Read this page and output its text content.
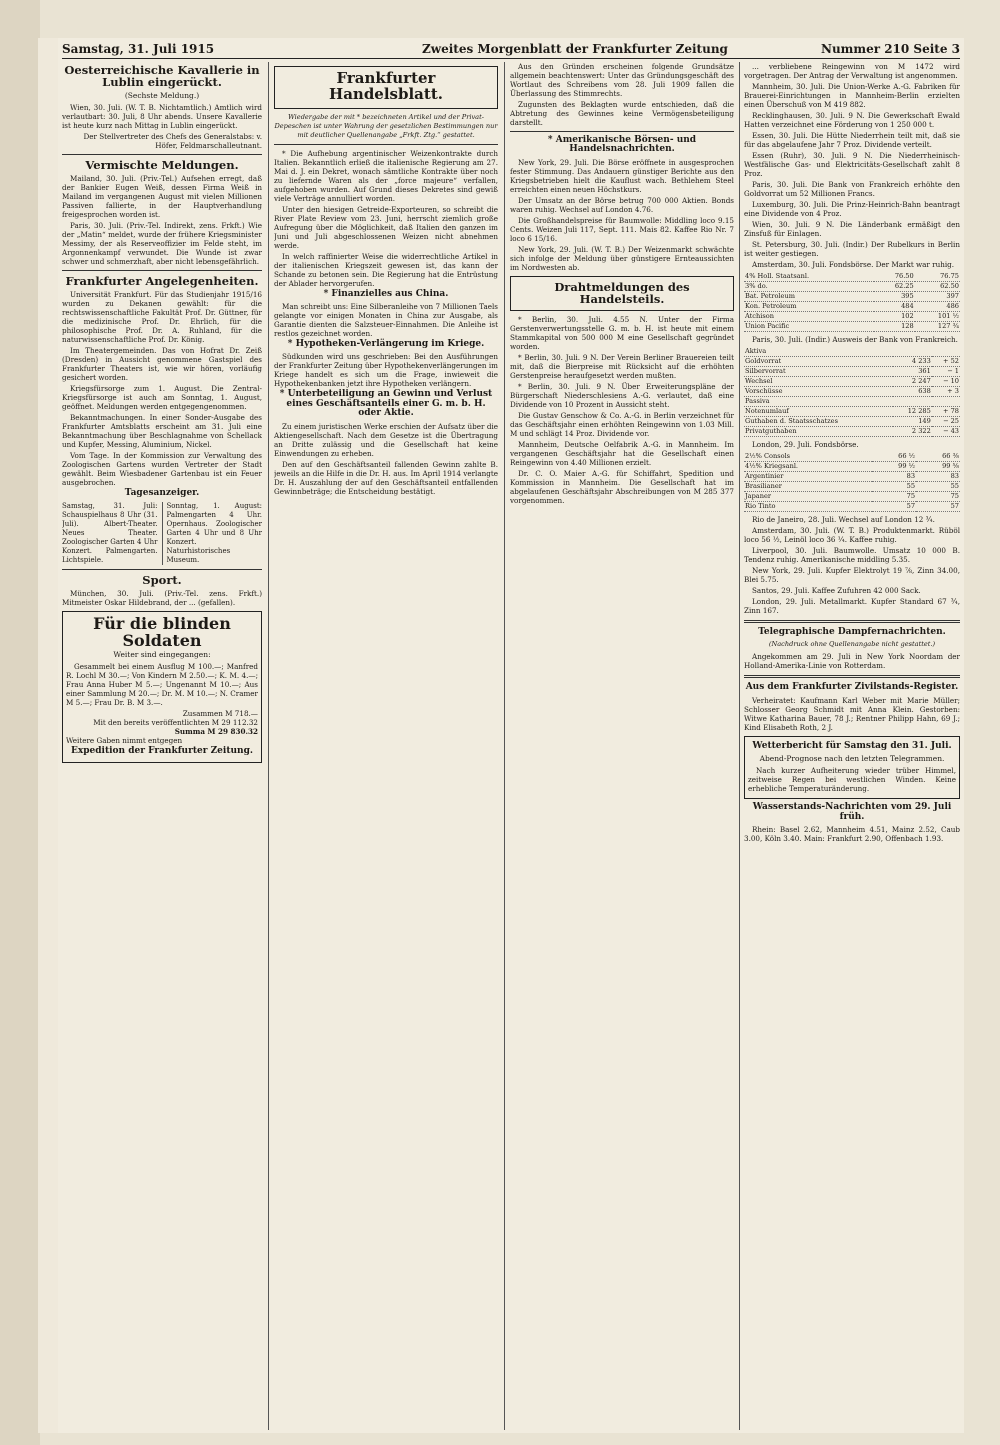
Samstag, 31. Juli 1915	Zweites Morgenblatt der Frankfurter Zeitung	Nummer 210 Seite 3
Oesterreichische Kavallerie in Lublin eingerückt.
(Sechste Meldung.)

Wien, 30. Juli. (W. T. B. Nichtamtlich.) Amtlich wird verlautbart: 30. Juli, 8 Uhr abends. Unsere Kavallerie ist heute kurz nach Mittag in Lublin eingerückt.

Der Stellvertreter des Chefs des Generalstabs: v. Höfer, Feldmarschalleutnant.

Vermischte Meldungen.

Mailand, 30. Juli. (Priv.-Tel.) Aufsehen erregt, daß der Bankier Eugen Weiß, dessen Firma Weiß in Mailand im vergangenen August mit vielen Millionen Passiven fallierte, in der Hauptverhandlung freigesprochen worden ist.

Paris, 30. Juli. (Priv.-Tel. Indirekt, zens. Frkft.) Wie der „Matin“ meldet, wurde der frühere Kriegsminister Messimy, der als Reserveoffizier im Felde steht, im Argonnenkampf verwundet. Die Wunde ist zwar schwer und schmerzhaft, aber nicht lebensgefährlich.

Frankfurter Angelegenheiten.

Universität Frankfurt. Für das Studienjahr 1915/16 wurden zu Dekanen gewählt: für die rechtswissenschaftliche Fakultät Prof. Dr. Güttner, für die medizinische Prof. Dr. Ehrlich, für die philosophische Prof. Dr. A. Ruhland, für die naturwissenschaftliche Prof. Dr. König.

Im Theatergemeinden. Das von Hofrat Dr. Zeiß (Dresden) in Aussicht genommene Gastspiel des Frankfurter Theaters ist, wie wir hören, vorläufig gesichert worden.

Kriegsfürsorge zum 1. August. Die Zentral-Kriegsfürsorge ist auch am Sonntag, 1. August, geöffnet. Meldungen werden entgegengenommen.

Bekanntmachungen. In einer Sonder-Ausgabe des Frankfurter Amtsblatts erscheint am 31. Juli eine Bekanntmachung über Beschlagnahme von Schellack und Kupfer, Messing, Aluminium, Nickel.

Vom Tage. In der Kommission zur Verwaltung des Zoologischen Gartens wurden Vertreter der Stadt gewählt. Beim Wiesbadener Gartenbau ist ein Feuer ausgebrochen.

Tagesanzeiger.
Samstag, 31. Juli: Schauspielhaus 8 Uhr (31. Juli). Albert-Theater. Neues Theater. Zoologischer Garten 4 Uhr Konzert. Palmengarten. Lichtspiele.
Sonntag, 1. August: Palmengarten 4 Uhr. Opernhaus. Zoologischer Garten 4 Uhr und 8 Uhr Konzert. Naturhistorisches Museum.
Sport.

München, 30. Juli. (Priv.-Tel. zens. Frkft.) Mitmeister Oskar Hildebrand, der ... (gefallen).

Für die blinden Soldaten
Weiter sind eingegangen:

Gesammelt bei einem Ausflug M 100.—; Manfred R. Lochl M 30.—; Von Kindern M 2.50.—; K. M. 4.—; Frau Anna Huber M 5.—; Ungenannt M 10.—; Aus einer Sammlung M 20.—; Dr. M. M 10.—; N. Cramer M 5.—; Frau Dr. B. M 3.—.

Zusammen M 718.—
Mit den bereits veröffentlichten M 29 112.32
Summa M 29 830.32
Weitere Gaben nimmt entgegen
Expedition der Frankfurter Zeitung.
Frankfurter Handelsblatt.
Wiedergabe der mit * bezeichneten Artikel und der Privat-Depeschen ist unter Wahrung der gesetzlichen Bestimmungen nur mit deutlicher Quellenangabe „Frkft. Ztg.“ gestattet.

* Die Aufhebung argentinischer Weizenkontrakte durch Italien. Bekanntlich erließ die italienische Regierung am 27. Mai d. J. ein Dekret, wonach sämtliche Kontrakte über noch zu liefernde Waren als der „force majeure“ verfallen, aufgehoben wurden. Auf Grund dieses Dekretes sind gewiß viele Verträge annulliert worden.

Unter den hiesigen Getreide-Exporteuren, so schreibt die River Plate Review vom 23. Juni, herrscht ziemlich große Aufregung über die Möglichkeit, daß Italien den ganzen im Juni und Juli abgeschlossenen Weizen nicht abnehmen werde.

In welch raffinierter Weise die widerrechtliche Artikel in der italienischen Kriegszeit gewesen ist, das kann der Schande zu betonen sein. Die Regierung hat die Entrüstung der Ablader hervorgerufen.

* Finanzielles aus China.

Man schreibt uns: Eine Silberanleihe von 7 Millionen Taels gelangte vor einigen Monaten in China zur Ausgabe, als Garantie dienten die Salzsteuer-Einnahmen. Die Anleihe ist restlos gezeichnet worden.

* Hypotheken-Verlängerung im Kriege.

Südkunden wird uns geschrieben: Bei den Ausführungen der Frankfurter Zeitung über Hypothekenverlängerungen im Kriege handelt es sich um die Frage, inwieweit die Hypothekenbanken jetzt ihre Hypotheken verlängern.

* Unterbeteiligung an Gewinn und Verlust eines Geschäftsanteils einer G. m. b. H. oder Aktie.

Zu einem juristischen Werke erschien der Aufsatz über die Aktiengesellschaft. Nach dem Gesetze ist die Übertragung an Dritte zulässig und die Gesellschaft hat keine Einwendungen zu erheben.

Den auf den Geschäftsanteil fallenden Gewinn zahlte B. jeweils an die Hilfe in die Dr. H. aus. Im April 1914 verlangte Dr. H. Auszahlung der auf den Geschäftsanteil entfallenden Gewinnbeträge; die Entscheidung bestätigt.

Aus den Gründen erscheinen folgende Grundsätze allgemein beachtenswert: Unter das Gründungsgeschäft des Wortlaut des Schreibens vom 28. Juli 1909 fallen die Überlassung des Stimmrechts.

Zugunsten des Beklagten wurde entschieden, daß die Abtretung des Gewinnes keine Vermögensbeteiligung darstellt.

* Amerikanische Börsen- und Handelsnachrichten.

New York, 29. Juli. Die Börse eröffnete in ausgesprochen fester Stimmung. Das Andauern günstiger Berichte aus den Kriegsbetrieben hielt die Kauflust wach. Bethlehem Steel erreichten einen neuen Höchstkurs.

Der Umsatz an der Börse betrug 700 000 Aktien. Bonds waren ruhig. Wechsel auf London 4.76.

Die Großhandelspreise für Baumwolle: Middling loco 9.15 Cents. Weizen Juli 117, Sept. 111. Mais 82. Kaffee Rio Nr. 7 loco 6 15/16.

New York, 29. Juli. (W. T. B.) Der Weizenmarkt schwächte sich infolge der Meldung über günstigere Ernteaussichten im Nordwesten ab.

Drahtmeldungen des Handelsteils.

* Berlin, 30. Juli. 4.55 N. Unter der Firma Gerstenverwertungsstelle G. m. b. H. ist heute mit einem Stammkapital von 500 000 M eine Gesellschaft gegründet worden.

* Berlin, 30. Juli. 9 N. Der Verein Berliner Brauereien teilt mit, daß die Bierpreise mit Rücksicht auf die erhöhten Gerstenpreise heraufgesetzt werden mußten.

* Berlin, 30. Juli. 9 N. Über Erweiterungspläne der Bürgerschaft Niederschlesiens A.-G. verlautet, daß eine Dividende von 10 Prozent in Aussicht steht.

Die Gustav Genschow & Co. A.-G. in Berlin verzeichnet für das Geschäftsjahr einen erhöhten Reingewinn von 1.03 Mill. M und schlägt 14 Proz. Dividende vor.

Mannheim, Deutsche Oelfabrik A.-G. in Mannheim. Im vergangenen Geschäftsjahr hat die Gesellschaft einen Reingewinn von 4.40 Millionen erzielt.

Dr. C. O. Maier A.-G. für Schiffahrt, Spedition und Kommission in Mannheim. Die Gesellschaft hat im abgelaufenen Geschäftsjahr Abschreibungen von M 285 377 vorgenommen.

... verbliebene Reingewinn von M 1472 wird vorgetragen. Der Antrag der Verwaltung ist angenommen.

Mannheim, 30. Juli. Die Union-Werke A.-G. Fabriken für Brauerei-Einrichtungen in Mannheim-Berlin erzielten einen Überschuß von M 419 882.

Recklinghausen, 30. Juli. 9 N. Die Gewerkschaft Ewald Hatten verzeichnet eine Förderung von 1 250 000 t.

Essen, 30. Juli. Die Hütte Niederrhein teilt mit, daß sie für das abgelaufene Jahr 7 Proz. Dividende verteilt.

Essen (Ruhr), 30. Juli. 9 N. Die Niederrheinisch-Westfälische Gas- und Elektricitäts-Gesellschaft zahlt 8 Proz.

Paris, 30. Juli. Die Bank von Frankreich erhöhte den Goldvorrat um 52 Millionen Francs.

Luxemburg, 30. Juli. Die Prinz-Heinrich-Bahn beantragt eine Dividende von 4 Proz.

Wien, 30. Juli. 9 N. Die Länderbank ermäßigt den Zinsfuß für Einlagen.

St. Petersburg, 30. Juli. (Indir.) Der Rubelkurs in Berlin ist weiter gestiegen.

Amsterdam, 30. Juli. Fondsbörse. Der Markt war ruhig.

4% Holl. Staatsanl.	76.50	76.75
3% do.	62.25	62.50
Bat. Petroleum	395	397
Kon. Petroleum	484	486
Atchison	102	101 ½
Union Pacific	128	127 ¾

Paris, 30. Juli. (Indir.) Ausweis der Bank von Frankreich.

Aktiva		
Goldvorrat	4 233	+ 52
Silbervorrat	361	− 1
Wechsel	2 247	− 10
Vorschüsse	638	+ 3
Passiva		
Notenumlauf	12 285	+ 78
Guthaben d. Staatsschatzes	149	− 25
Privatguthaben	2 322	− 43

London, 29. Juli. Fondsbörse.

2½% Consols	66 ½	66 ⅜
4½% Kriegsanl.	99 ½	99 ⅝
Argentinier	83	83
Brasilianer	55	55
Japaner	75	75
Rio Tinto	57	57

Rio de Janeiro, 28. Juli. Wechsel auf London 12 ¾.

Amsterdam, 30. Juli. (W. T. B.) Produktenmarkt. Rüböl loco 56 ½, Leinöl loco 36 ¼. Kaffee ruhig.

Liverpool, 30. Juli. Baumwolle. Umsatz 10 000 B. Tendenz ruhig. Amerikanische middling 5.35.

New York, 29. Juli. Kupfer Elektrolyt 19 ⅞, Zinn 34.00, Blei 5.75.

Santos, 29. Juli. Kaffee Zufuhren 42 000 Sack.

London, 29. Juli. Metallmarkt. Kupfer Standard 67 ¾, Zinn 167.

Telegraphische Dampfernachrichten.
(Nachdruck ohne Quellenangabe nicht gestattet.)

Angekommen am 29. Juli in New York Noordam der Holland-Amerika-Linie von Rotterdam.

Aus dem Frankfurter Zivilstands-Register.

Verheiratet: Kaufmann Karl Weber mit Marie Müller; Schlosser Georg Schmidt mit Anna Klein. Gestorben: Witwe Katharina Bauer, 78 J.; Rentner Philipp Hahn, 69 J.; Kind Elisabeth Roth, 2 J.

Wetterbericht für Samstag den 31. Juli.
Abend-Prognose nach den letzten Telegrammen.

Nach kurzer Aufheiterung wieder trüber Himmel, zeitweise Regen bei westlichen Winden. Keine erhebliche Temperaturänderung.

Wasserstands-Nachrichten vom 29. Juli früh.

Rhein: Basel 2.62, Mannheim 4.51, Mainz 2.52, Caub 3.00, Köln 3.40. Main: Frankfurt 2.90, Offenbach 1.93.
